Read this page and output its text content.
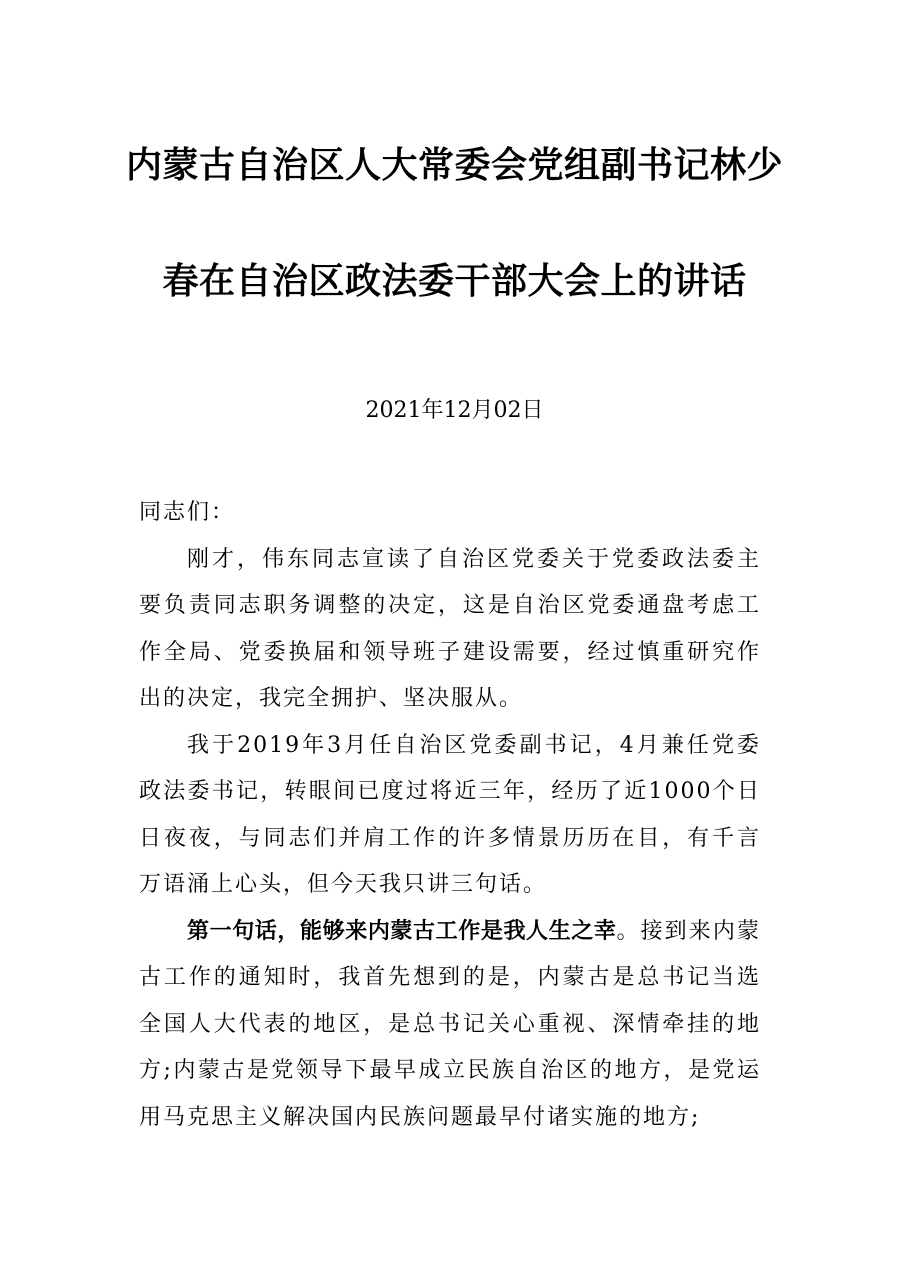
内蒙古自治区人大常委会党组副书记林少
春在自治区政法委干部大会上的讲话
2021年12月02日

同志们：

刚才，伟东同志宣读了自治区党委关于党委政法委主要负责同志职务调整的决定，这是自治区党委通盘考虑工作全局、党委换届和领导班子建设需要，经过慎重研究作出的决定，我完全拥护、坚决服从。

我于2019年3月任自治区党委副书记，4月兼任党委政法委书记，转眼间已度过将近三年，经历了近1000个日日夜夜，与同志们并肩工作的许多情景历历在目，有千言万语涌上心头，但今天我只讲三句话。

第一句话，能够来内蒙古工作是我人生之幸。接到来内蒙古工作的通知时，我首先想到的是，内蒙古是总书记当选全国人大代表的地区，是总书记关心重视、深情牵挂的地方;内蒙古是党领导下最早成立民族自治区的地方，是党运用马克思主义解决国内民族问题最早付诸实施的地方;
